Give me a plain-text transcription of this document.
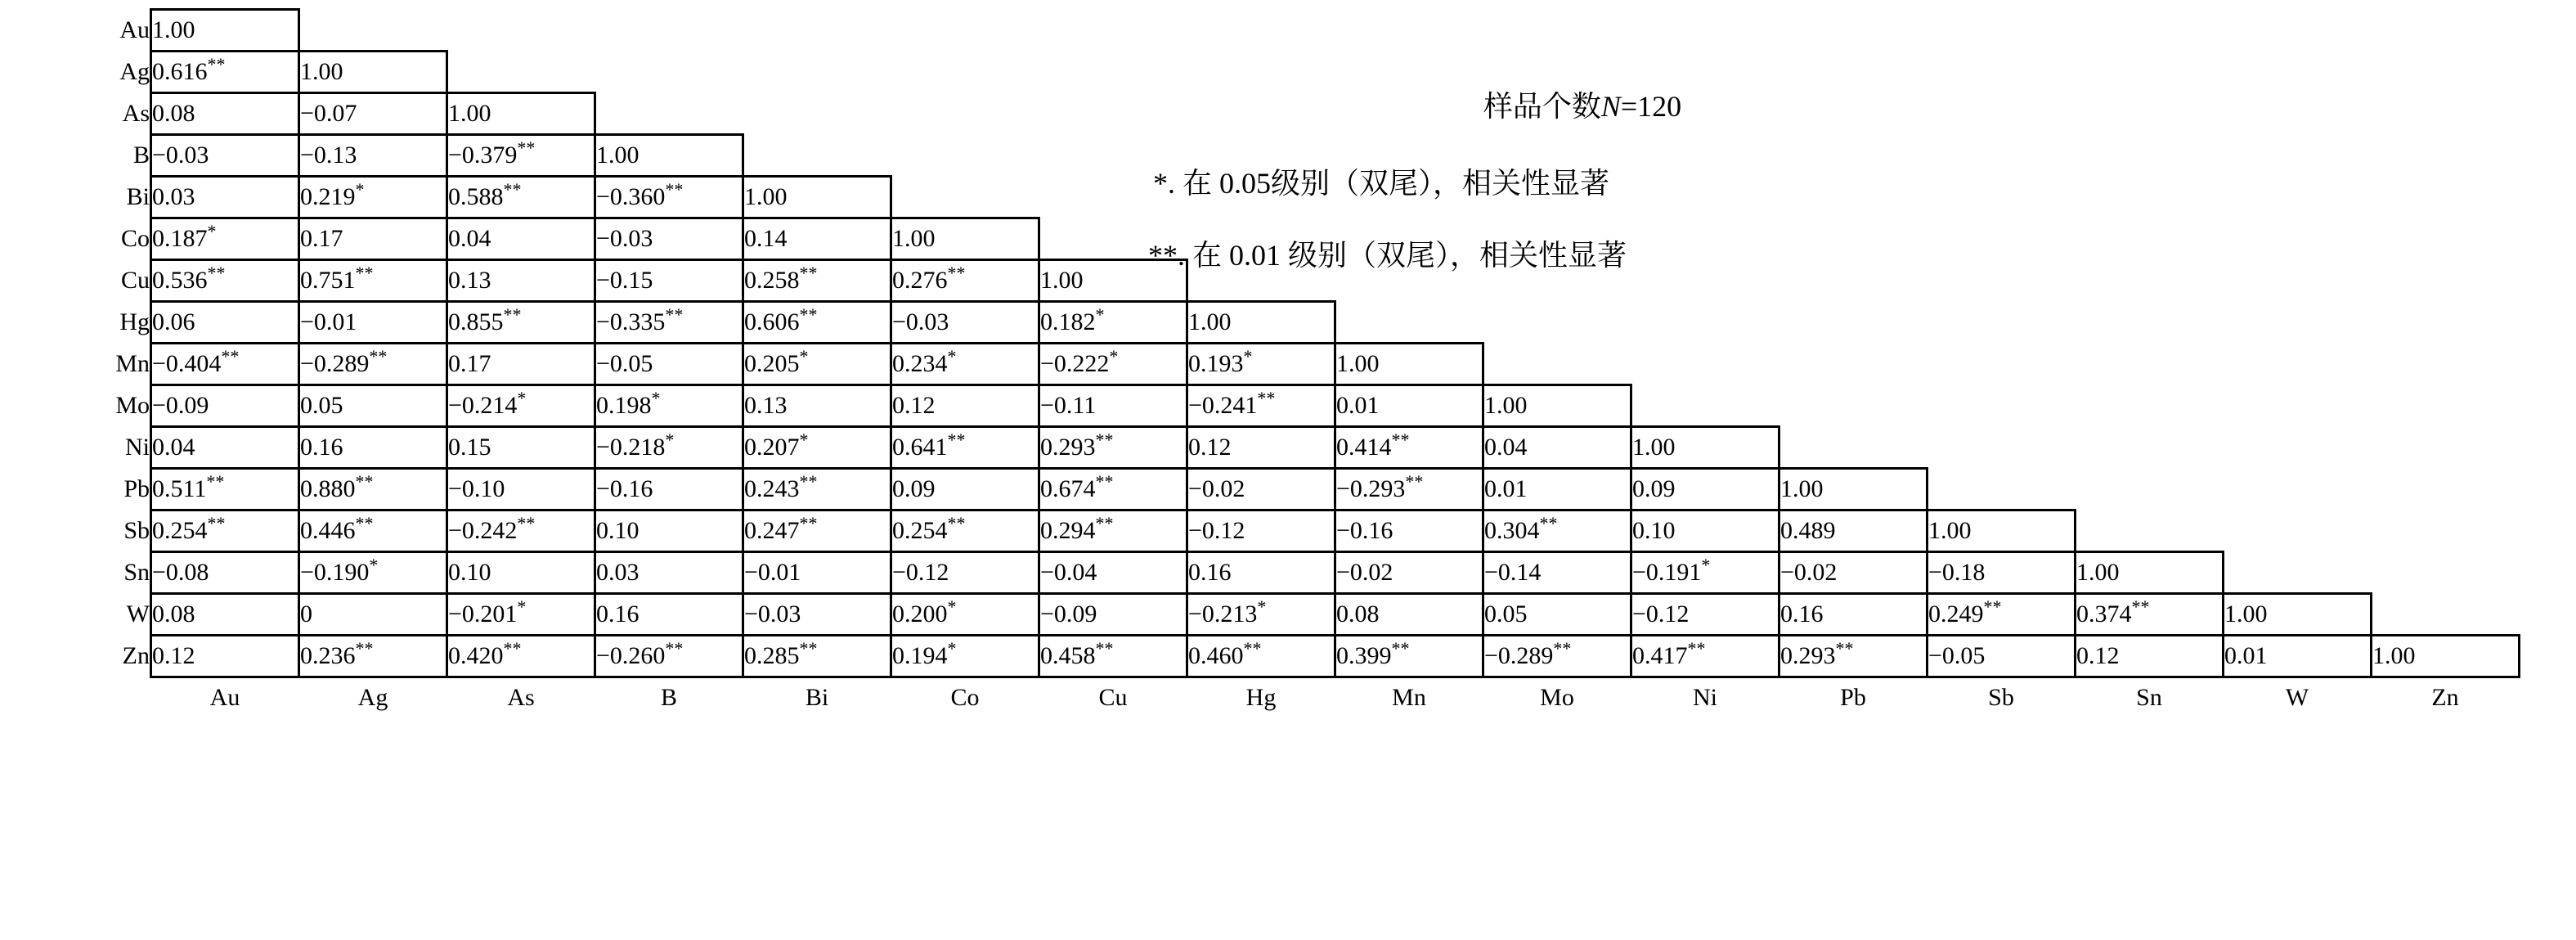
Au	1.00															
Ag	0.616**	1.00														
As	0.08	−0.07	1.00													
B	−0.03	−0.13	−0.379**	1.00												
Bi	0.03	0.219*	0.588**	−0.360**	1.00											
Co	0.187*	0.17	0.04	−0.03	0.14	1.00										
Cu	0.536**	0.751**	0.13	−0.15	0.258**	0.276**	1.00									
Hg	0.06	−0.01	0.855**	−0.335**	0.606**	−0.03	0.182*	1.00								
Mn	−0.404**	−0.289**	0.17	−0.05	0.205*	0.234*	−0.222*	0.193*	1.00							
Mo	−0.09	0.05	−0.214*	0.198*	0.13	0.12	−0.11	−0.241**	0.01	1.00						
Ni	0.04	0.16	0.15	−0.218*	0.207*	0.641**	0.293**	0.12	0.414**	0.04	1.00					
Pb	0.511**	0.880**	−0.10	−0.16	0.243**	0.09	0.674**	−0.02	−0.293**	0.01	0.09	1.00				
Sb	0.254**	0.446**	−0.242**	0.10	0.247**	0.254**	0.294**	−0.12	−0.16	0.304**	0.10	0.489	1.00			
Sn	−0.08	−0.190*	0.10	0.03	−0.01	−0.12	−0.04	0.16	−0.02	−0.14	−0.191*	−0.02	−0.18	1.00		
W	0.08	0	−0.201*	0.16	−0.03	0.200*	−0.09	−0.213*	0.08	0.05	−0.12	0.16	0.249**	0.374**	1.00	
Zn	0.12	0.236**	0.420**	−0.260**	0.285**	0.194*	0.458**	0.460**	0.399**	−0.289**	0.417**	0.293**	−0.05	0.12	0.01	1.00
	Au	Ag	As	B	Bi	Co	Cu	Hg	Mn	Mo	Ni	Pb	Sb	Sn	W	Zn
样品个数N=120
*. 在 0.05级别（双尾），相关性显著
**. 在 0.01 级别（双尾），相关性显著
